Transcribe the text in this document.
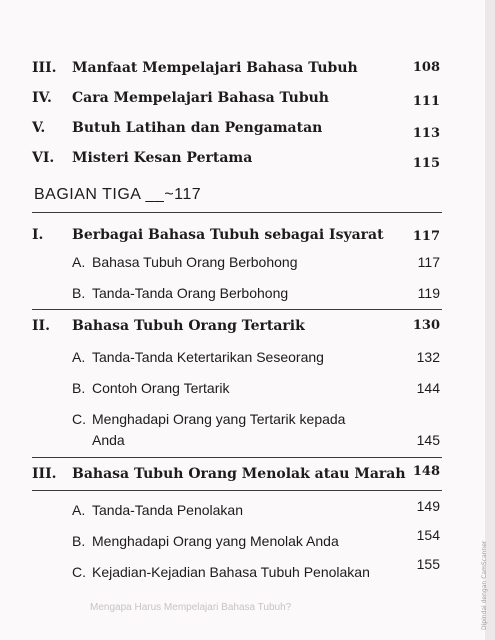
III. Manfaat Mempelajari Bahasa Tubuh	108
IV. Cara Mempelajari Bahasa Tubuh	111
V. Butuh Latihan dan Pengamatan	113
VI. Misteri Kesan Pertama	115
BAGIAN TIGA __~117
I. Berbagai Bahasa Tubuh sebagai Isyarat	117
A. Bahasa Tubuh Orang Berbohong	117
B. Tanda-Tanda Orang Berbohong	119
II. Bahasa Tubuh Orang Tertarik	130
A. Tanda-Tanda Ketertarikan Seseorang	132
B. Contoh Orang Tertarik	144
C. Menghadapi Orang yang Tertarik kepada
Anda	145
III. Bahasa Tubuh Orang Menolak atau Marah 148
A. Tanda-Tanda Penolakan	149
B. Menghadapi Orang yang Menolak Anda	154
C. Kejadian-Kejadian Bahasa Tubuh Penolakan	155
Mengapa Harus Mempelajari Bahasa Tubuh?	Dipindai dengan CamScanner
